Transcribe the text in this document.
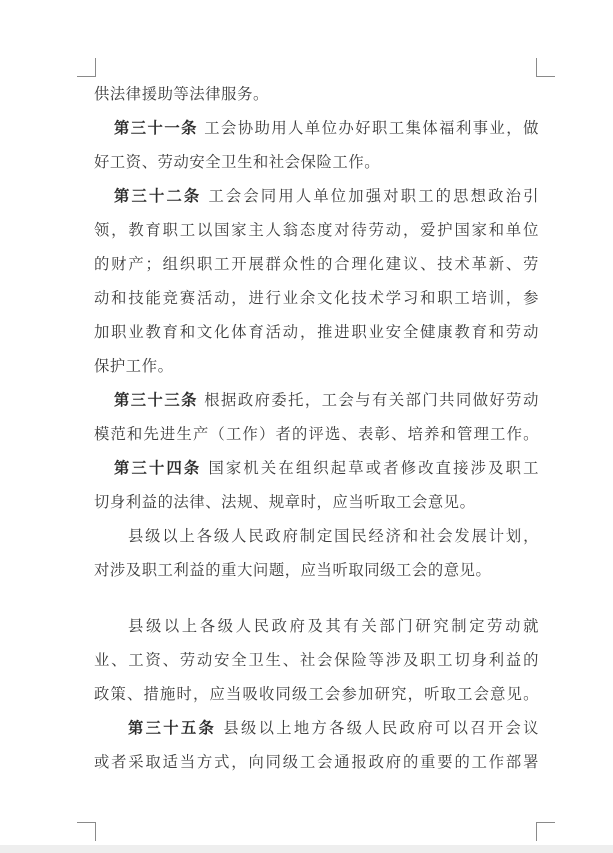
供法律援助等法律服务。
第三十一条 工会协助用人单位办好职工集体福利事业，做
好工资、劳动安全卫生和社会保险工作。
第三十二条 工会会同用人单位加强对职工的思想政治引
领，教育职工以国家主人翁态度对待劳动，爱护国家和单位
的财产；组织职工开展群众性的合理化建议、技术革新、劳
动和技能竞赛活动，进行业余文化技术学习和职工培训，参
加职业教育和文化体育活动，推进职业安全健康教育和劳动
保护工作。
第三十三条 根据政府委托，工会与有关部门共同做好劳动
模范和先进生产（工作）者的评选、表彰、培养和管理工作。
第三十四条 国家机关在组织起草或者修改直接涉及职工
切身利益的法律、法规、规章时，应当听取工会意见。
县级以上各级人民政府制定国民经济和社会发展计划，
对涉及职工利益的重大问题，应当听取同级工会的意见。
县级以上各级人民政府及其有关部门研究制定劳动就
业、工资、劳动安全卫生、社会保险等涉及职工切身利益的
政策、措施时，应当吸收同级工会参加研究，听取工会意见。
第三十五条 县级以上地方各级人民政府可以召开会议
或者采取适当方式，向同级工会通报政府的重要的工作部署
